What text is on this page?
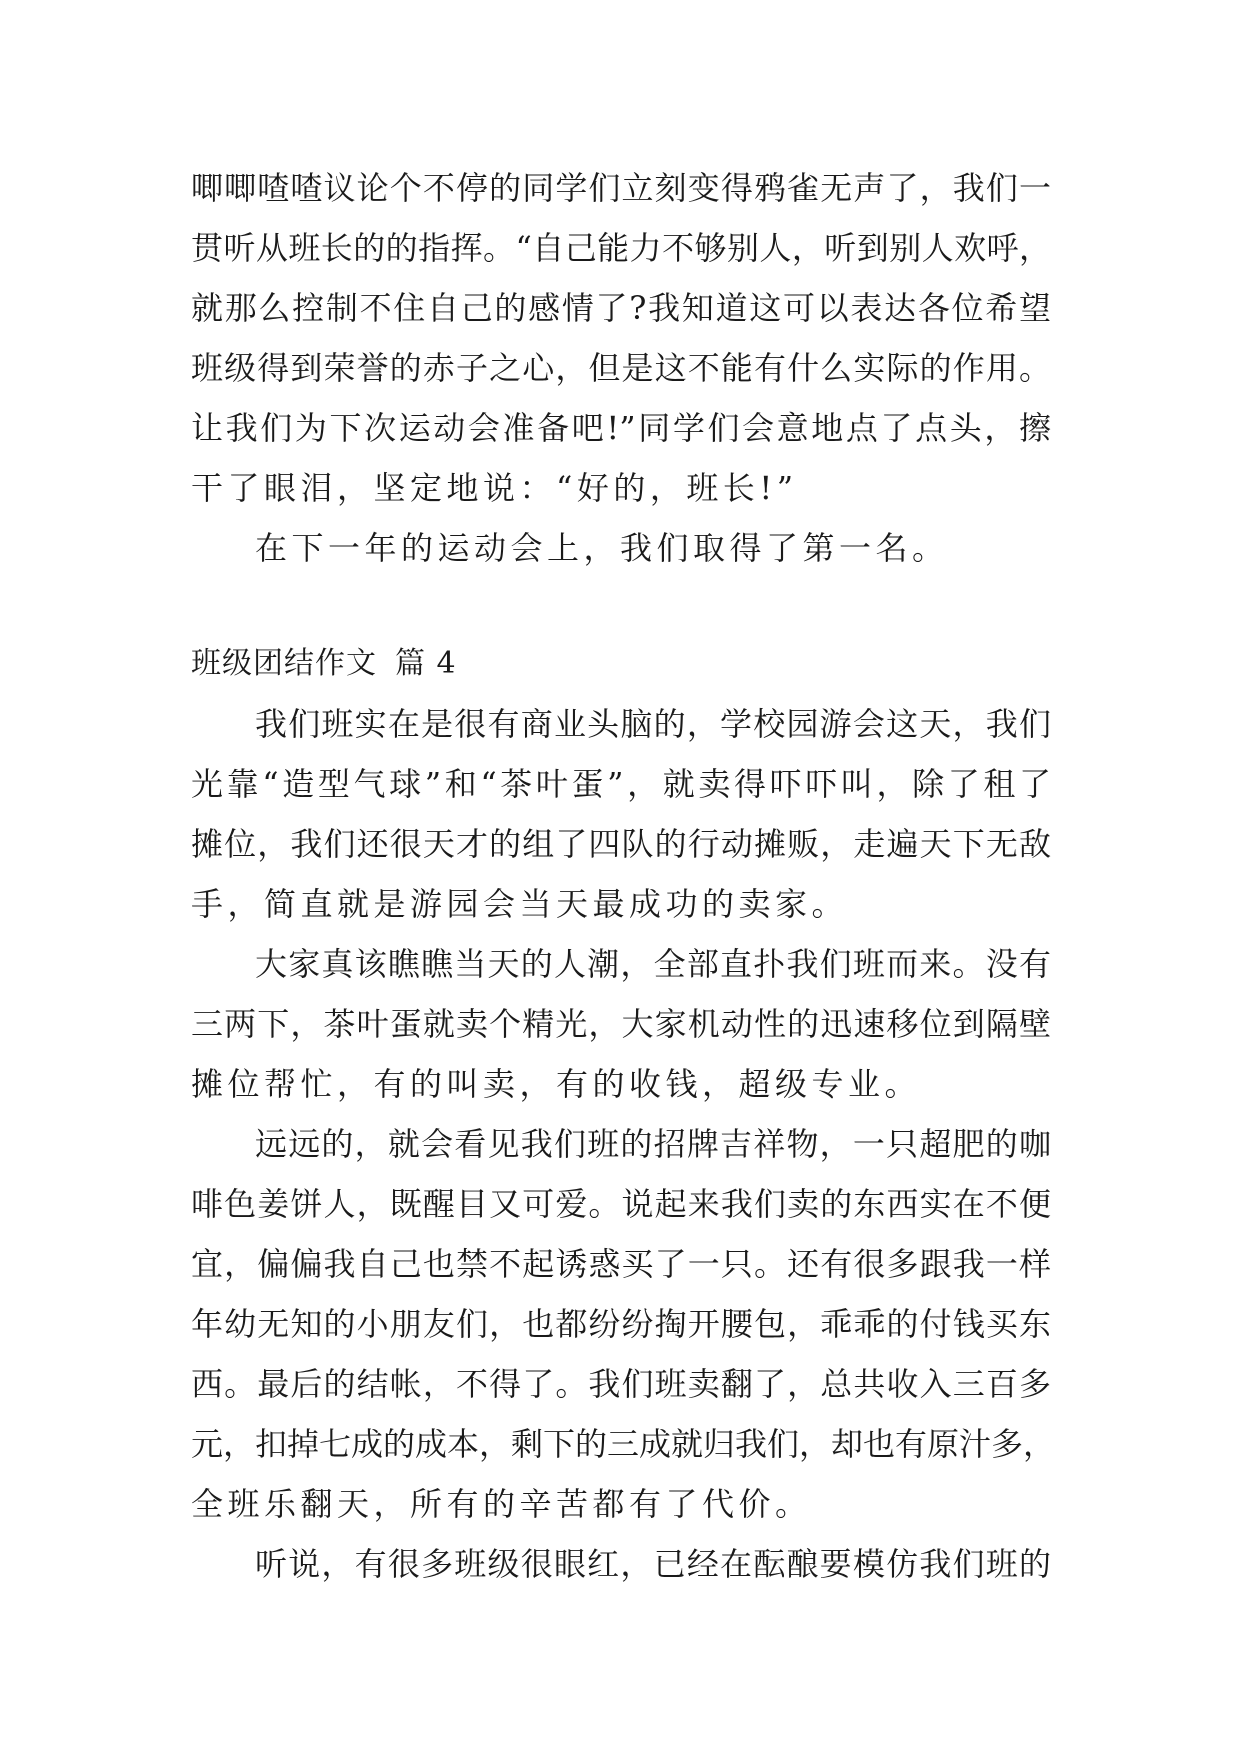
唧唧喳喳议论个不停的同学们立刻变得鸦雀无声了，我们一
贯听从班长的的指挥。“自己能力不够别人，听到别人欢呼，
就那么控制不住自己的感情了?我知道这可以表达各位希望
班级得到荣誉的赤子之心，但是这不能有什么实际的作用。
让我们为下次运动会准备吧!”同学们会意地点了点头，擦
干了眼泪，坚定地说：“好的，班长!”
在下一年的运动会上，我们取得了第一名。
班级团结作文 篇 4
我们班实在是很有商业头脑的，学校园游会这天，我们
光靠“造型气球”和“茶叶蛋”，就卖得吓吓叫，除了租了
摊位，我们还很天才的组了四队的行动摊贩，走遍天下无敌
手，简直就是游园会当天最成功的卖家。
大家真该瞧瞧当天的人潮，全部直扑我们班而来。没有
三两下，茶叶蛋就卖个精光，大家机动性的迅速移位到隔壁
摊位帮忙，有的叫卖，有的收钱，超级专业。
远远的，就会看见我们班的招牌吉祥物，一只超肥的咖
啡色姜饼人，既醒目又可爱。说起来我们卖的东西实在不便
宜，偏偏我自己也禁不起诱惑买了一只。还有很多跟我一样
年幼无知的小朋友们，也都纷纷掏开腰包，乖乖的付钱买东
西。最后的结帐，不得了。我们班卖翻了，总共收入三百多
元，扣掉七成的成本，剩下的三成就归我们，却也有原汁多，
全班乐翻天，所有的辛苦都有了代价。
听说，有很多班级很眼红，已经在酝酿要模仿我们班的
